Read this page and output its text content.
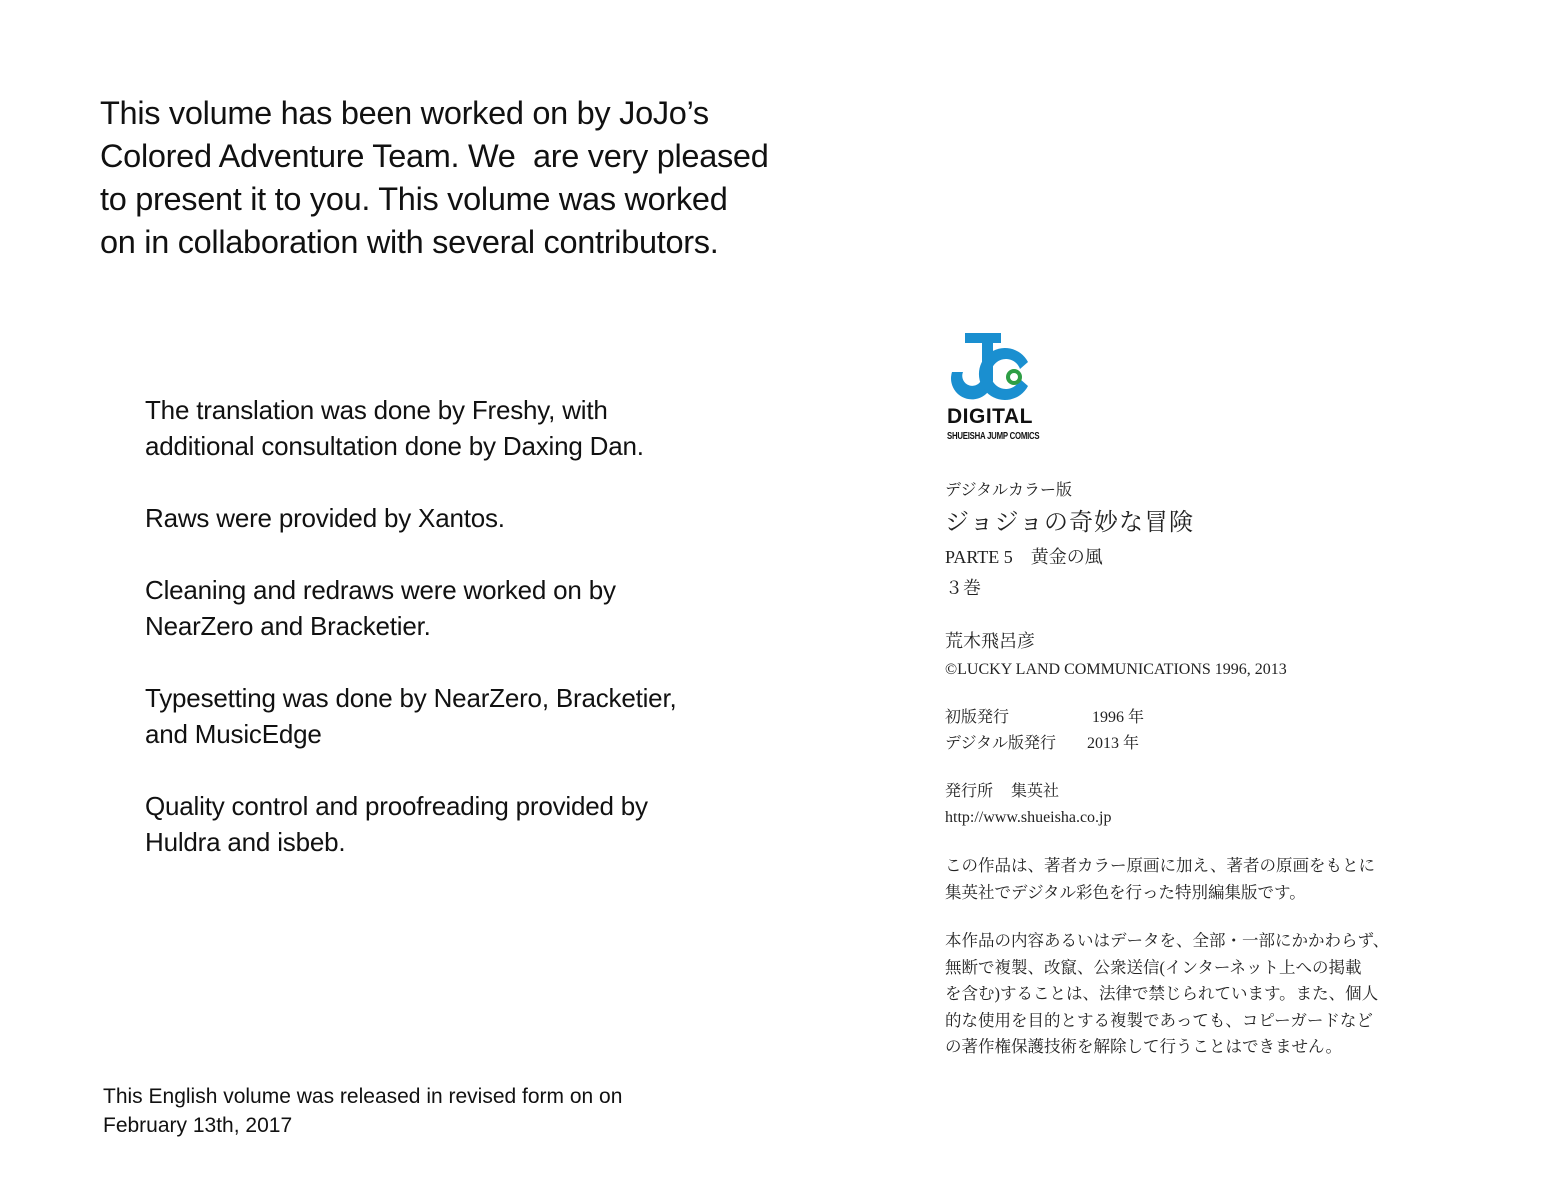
This volume has been worked on by JoJo’s
Colored Adventure Team. We  are very pleased
to present it to you. This volume was worked
on in collaboration with several contributors.
The translation was done by Freshy, with
additional consultation done by Daxing Dan.
Raws were provided by Xantos.
Cleaning and redraws were worked on by
NearZero and Bracketier.
Typesetting was done by NearZero, Bracketier,
and MusicEdge
Quality control and proofreading provided by
Huldra and isbeb.
This English volume was released in revised form on on
February 13th, 2017
DIGITAL
SHUEISHA JUMP COMICS
デジタルカラー版
ジョジョの奇妙な冒険
PARTE 5　黄金の風
３巻
荒木飛呂彦
©LUCKY LAND COMMUNICATIONS 1996, 2013
初版発行	1996 年
デジタル版発行 2013 年
発行所 集英社
http://www.shueisha.co.jp
この作品は、著者カラー原画に加え、著者の原画をもとに
集英社でデジタル彩色を行った特別編集版です。
本作品の内容あるいはデータを、全部・一部にかかわらず、
無断で複製、改竄、公衆送信(インターネット上への掲載
を含む)することは、法律で禁じられています。また、個人
的な使用を目的とする複製であっても、コピーガードなど
の著作権保護技術を解除して行うことはできません。
